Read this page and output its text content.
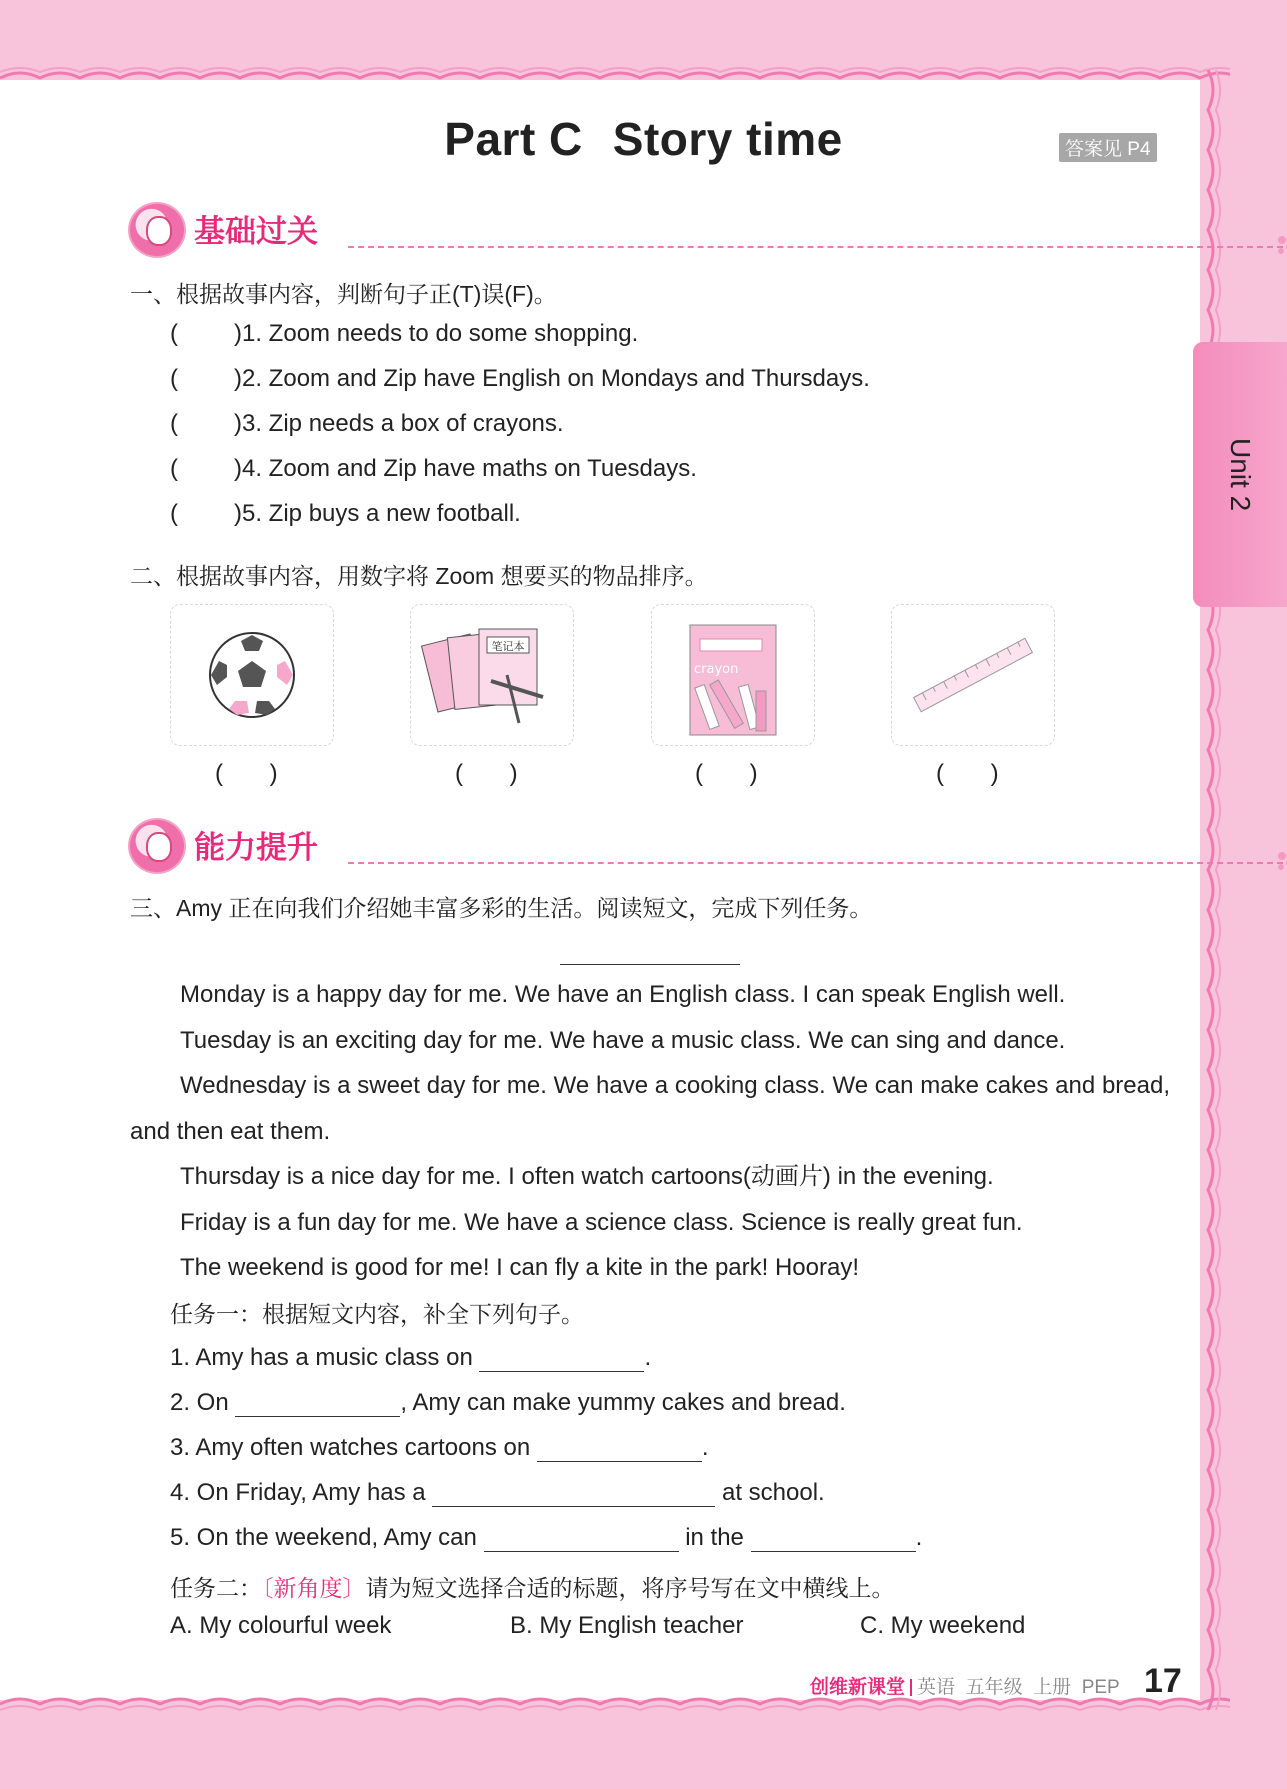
Unit 2
Part C Story time	答案见 P4
基础过关
一、根据故事内容，判断句子正(T)误(F)。
( )1. Zoom needs to do some shopping.
( )2. Zoom and Zip have English on Mondays and Thursdays.
( )3. Zip needs a box of crayons.
( )4. Zoom and Zip have maths on Tuesdays.
( )5. Zip buys a new football.
二、根据故事内容，用数字将 Zoom 想要买的物品排序。
笔记本
crayon
(       )	(       )	(       )	(       )
能力提升
三、Amy 正在向我们介绍她丰富多彩的生活。阅读短文，完成下列任务。

Monday is a happy day for me. We have an English class. I can speak English well.

Tuesday is an exciting day for me. We have a music class. We can sing and dance.

Wednesday is a sweet day for me. We have a cooking class. We can make cakes and bread, and then eat them.

Thursday is a nice day for me. I often watch cartoons(动画片) in the evening.

Friday is a fun day for me. We have a science class. Science is really great fun.

The weekend is good for me! I can fly a kite in the park! Hooray!

任务一：根据短文内容，补全下列句子。
1. Amy has a music class on	.
2. On	, Amy can make yummy cakes and bread.
3. Amy often watches cartoons on	.
4. On Friday, Amy has a	at school.
5. On the weekend, Amy can	in the	.
任务二：〔新角度〕请为短文选择合适的标题，将序号写在文中横线上。
A. My colourful week	B. My English teacher	C. My weekend
创维新课堂 英语  五年级  上册  PEP 17
